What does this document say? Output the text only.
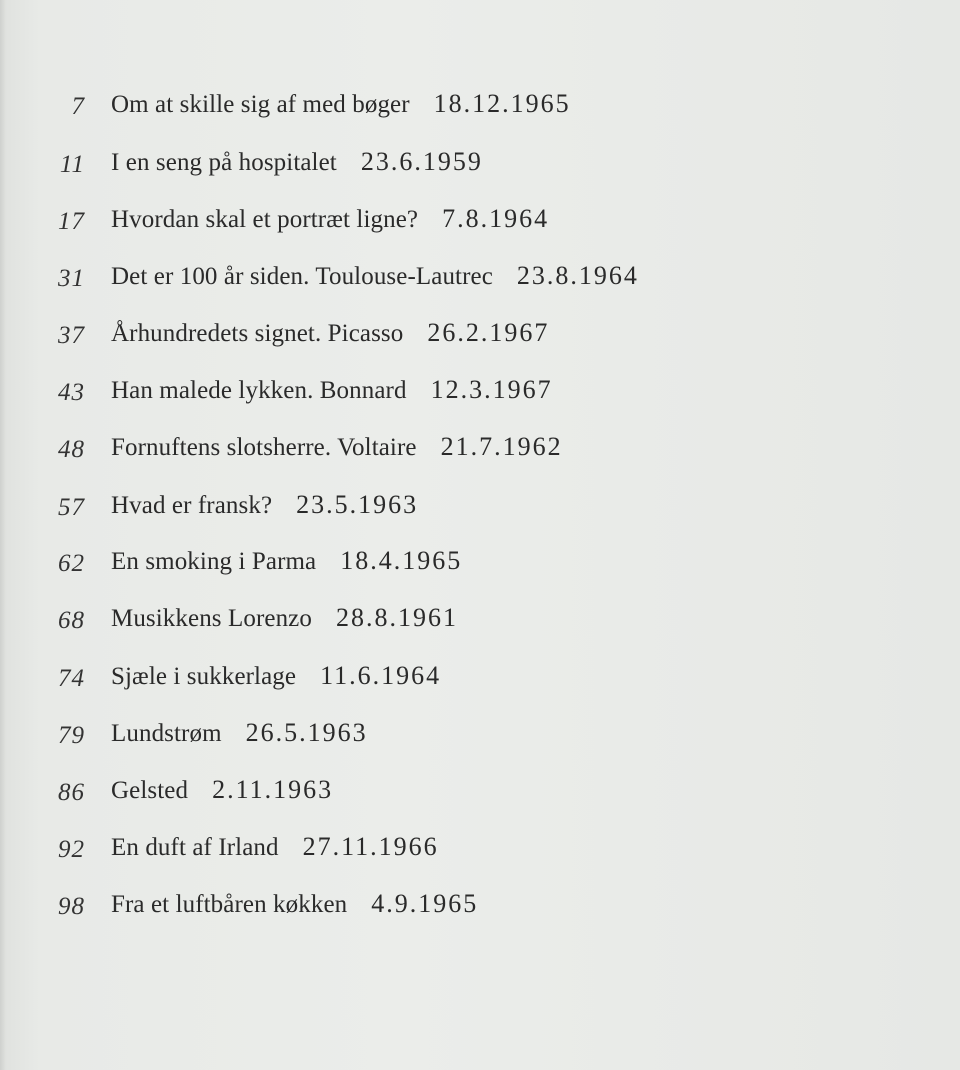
7 Om at skille sig af med bøger 18.12.1965
11 I en seng på hospitalet 23.6.1959
17 Hvordan skal et portræt ligne? 7.8.1964
31 Det er 100 år siden. Toulouse-Lautrec 23.8.1964
37 Århundredets signet. Picasso 26.2.1967
43 Han malede lykken. Bonnard 12.3.1967
48 Fornuftens slotsherre. Voltaire 21.7.1962
57 Hvad er fransk? 23.5.1963
62 En smoking i Parma 18.4.1965
68 Musikkens Lorenzo 28.8.1961
74 Sjæle i sukkerlage 11.6.1964
79 Lundstrøm 26.5.1963
86 Gelsted 2.11.1963
92 En duft af Irland 27.11.1966
98 Fra et luftbåren køkken 4.9.1965
